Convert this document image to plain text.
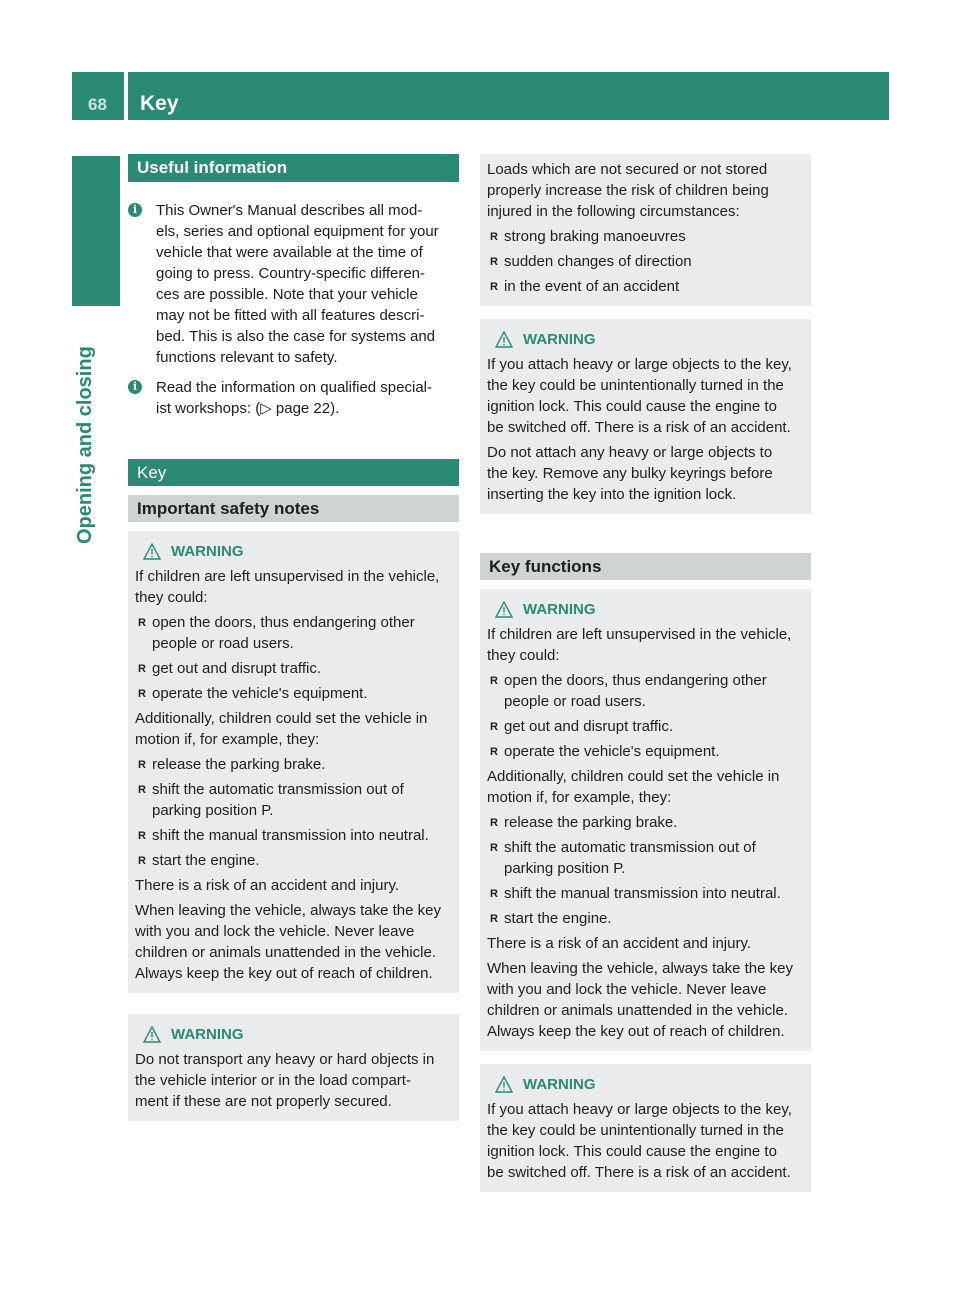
68 Key
Opening and closing
Useful information
i	This Owner's Manual describes all mod-
els, series and optional equipment for your
vehicle that were available at the time of
going to press. Country-specific differen-
ces are possible. Note that your vehicle
may not be fitted with all features descri-
bed. This is also the case for systems and
functions relevant to safety.
i	Read the information on qualified special-
ist workshops: (▷ page 22).
Key
Important safety notes
WARNING
If children are left unsupervised in the vehicle,
they could:
R open the doors, thus endangering other
people or road users.
R get out and disrupt traffic.
R operate the vehicle's equipment.
Additionally, children could set the vehicle in
motion if, for example, they:
R release the parking brake.
R shift the automatic transmission out of
parking position P.
R shift the manual transmission into neutral.
R start the engine.
There is a risk of an accident and injury.
When leaving the vehicle, always take the key
with you and lock the vehicle. Never leave
children or animals unattended in the vehicle.
Always keep the key out of reach of children.
WARNING
Do not transport any heavy or hard objects in
the vehicle interior or in the load compart-
ment if these are not properly secured.
Loads which are not secured or not stored
properly increase the risk of children being
injured in the following circumstances:
R strong braking manoeuvres
R sudden changes of direction
R in the event of an accident
WARNING
If you attach heavy or large objects to the key,
the key could be unintentionally turned in the
ignition lock. This could cause the engine to
be switched off. There is a risk of an accident.
Do not attach any heavy or large objects to
the key. Remove any bulky keyrings before
inserting the key into the ignition lock.
Key functions
WARNING
If children are left unsupervised in the vehicle,
they could:
R open the doors, thus endangering other
people or road users.
R get out and disrupt traffic.
R operate the vehicle's equipment.
Additionally, children could set the vehicle in
motion if, for example, they:
R release the parking brake.
R shift the automatic transmission out of
parking position P.
R shift the manual transmission into neutral.
R start the engine.
There is a risk of an accident and injury.
When leaving the vehicle, always take the key
with you and lock the vehicle. Never leave
children or animals unattended in the vehicle.
Always keep the key out of reach of children.
WARNING
If you attach heavy or large objects to the key,
the key could be unintentionally turned in the
ignition lock. This could cause the engine to
be switched off. There is a risk of an accident.
